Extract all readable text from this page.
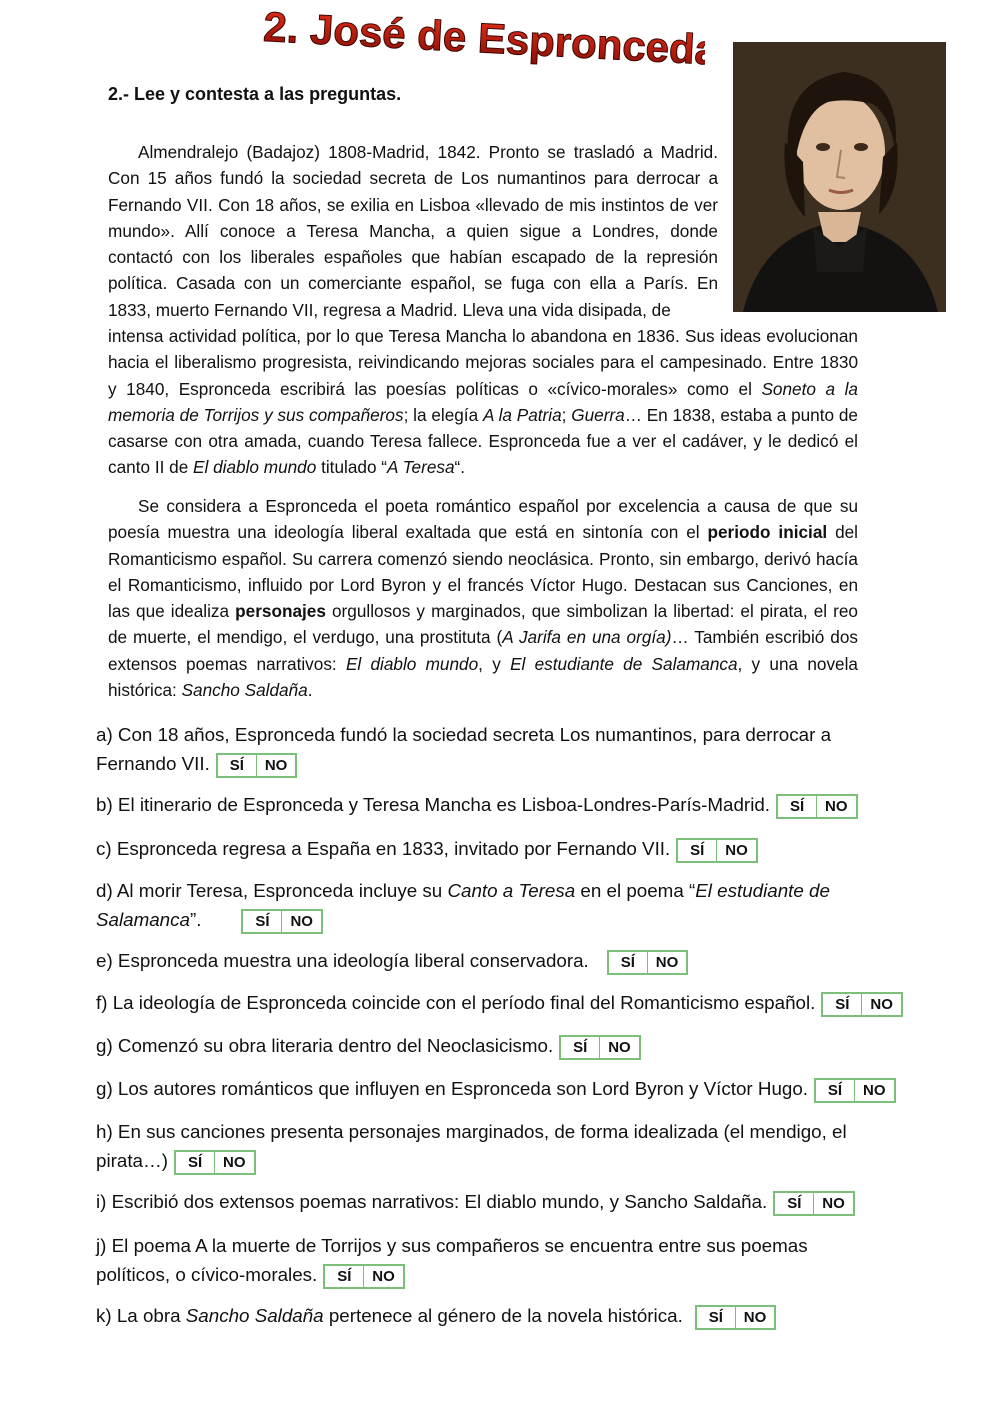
2. José de Espronceda.
2.- Lee y contesta a las preguntas.
Almendralejo (Badajoz) 1808-Madrid, 1842. Pronto se trasladó a Madrid. Con 15 años fundó la sociedad secreta de Los numantinos para derrocar a Fernando VII. Con 18 años, se exilia en Lisboa «llevado de mis instintos de ver mundo». Allí conoce a Teresa Mancha, a quien sigue a Londres, donde contactó con los liberales españoles que habían escapado de la represión política. Casada con un comerciante español, se fuga con ella a París. En 1833, muerto Fernando VII, regresa a Madrid. Lleva una vida disipada, de
intensa actividad política, por lo que Teresa Mancha lo abandona en 1836. Sus ideas evolucionan hacia el liberalismo progresista, reivindicando mejoras sociales para el campesinado. Entre 1830 y 1840, Espronceda escribirá las poesías políticas o «cívico-morales» como el Soneto a la memoria de Torrijos y sus compañeros; la elegía A la Patria; Guerra… En 1838, estaba a punto de casarse con otra amada, cuando Teresa fallece. Espronceda fue a ver el cadáver, y le dedicó el canto II de El diablo mundo titulado “A Teresa“.
Se considera a Espronceda el poeta romántico español por excelencia a causa de que su poesía muestra una ideología liberal exaltada que está en sintonía con el periodo inicial del Romanticismo español. Su carrera comenzó siendo neoclásica. Pronto, sin embargo, derivó hacía el Romanticismo, influido por Lord Byron y el francés Víctor Hugo. Destacan sus Canciones, en las que idealiza personajes orgullosos y marginados, que simbolizan la libertad: el pirata, el reo de muerte, el mendigo, el verdugo, una prostituta (A Jarifa en una orgía)… También escribió dos extensos poemas narrativos: El diablo mundo, y El estudiante de Salamanca, y una novela histórica: Sancho Saldaña.
a) Con 18 años, Espronceda fundó la sociedad secreta Los numantinos, para derrocar a Fernando VII.	SÍ	NO
b) El itinerario de Espronceda y Teresa Mancha es Lisboa-Londres-París-Madrid.	SÍ	NO
c) Espronceda regresa a España en 1833, invitado por Fernando VII.	SÍ	NO
d) Al morir Teresa, Espronceda incluye su Canto a Teresa en el poema “El estudiante de Salamanca”.	SÍ	NO
e) Espronceda muestra una ideología liberal conservadora.	SÍ	NO
f) La ideología de Espronceda coincide con el período final del Romanticismo español.	SÍ	NO
g) Comenzó su obra literaria dentro del Neoclasicismo.	SÍ	NO
g) Los autores románticos que influyen en Espronceda son Lord Byron y Víctor Hugo.	SÍ	NO
h) En sus canciones presenta personajes marginados, de forma idealizada (el mendigo, el pirata…)	SÍ	NO
i) Escribió dos extensos poemas narrativos: El diablo mundo, y Sancho Saldaña.	SÍ	NO
j) El poema A la muerte de Torrijos y sus compañeros se encuentra entre sus poemas políticos, o cívico-morales.	SÍ	NO
k) La obra Sancho Saldaña pertenece al género de la novela histórica.	SÍ	NO
